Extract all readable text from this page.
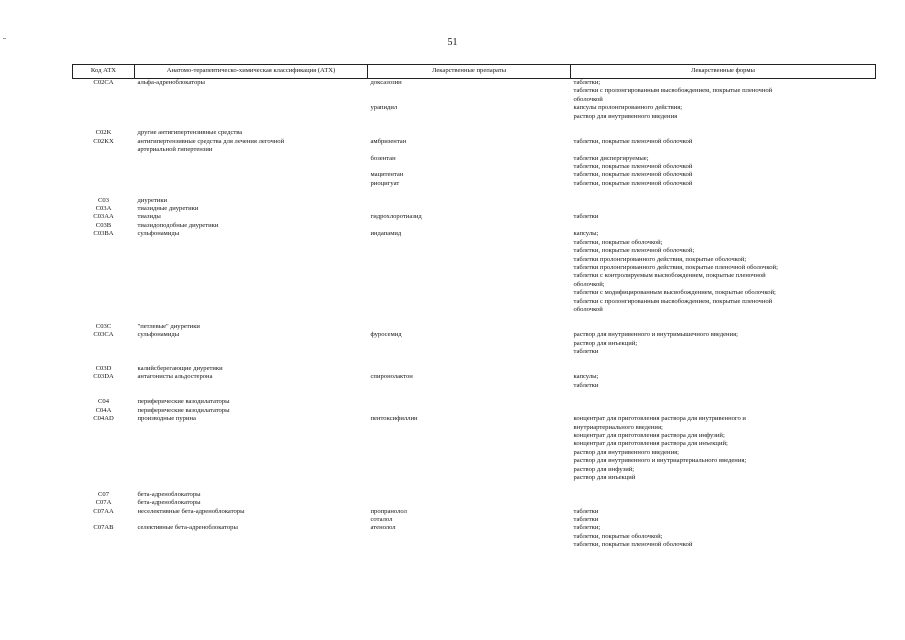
51
Код АТХ	Анатомо-терапевтическо-химическая классификация (АТХ)	Лекарственные препараты	Лекарственные формы
C02CA	альфа-адреноблокаторы	доксазозин	таблетки;
			таблетки с пролонгированным высвобождением, покрытые пленочной
			оболочкой
		урапидил	капсулы пролонгированного действия;
			раствор для внутривенного введения

C02K	другие антигипертензивные средства		
C02KX	антигипертензивные средства для лечения легочной	амбризентан	таблетки, покрытые пленочной оболочкой
	артериальной гипертензии		
		бозентан	таблетки диспергируемые;
			таблетки, покрытые пленочной оболочкой
		мацитентан	таблетки, покрытые пленочной оболочкой
		риоцигуат	таблетки, покрытые пленочной оболочкой

C03	диуретики		
C03A	тиазидные диуретики		
C03AA	тиазиды	гидрохлоротиазид	таблетки
C03B	тиазидоподобные диуретики		
C03BA	сульфонамиды	индапамид	капсулы;
			таблетки, покрытые оболочкой;
			таблетки, покрытые пленочной оболочкой;
			таблетки пролонгированного действия, покрытые оболочкой;
			таблетки пролонгированного действия, покрытые пленочной оболочкой;
			таблетки с контролируемым высвобождением, покрытые пленочной
			оболочкой;
			таблетки с модифицированным высвобождением, покрытые оболочкой;
			таблетки с пролонгированным высвобождением, покрытые пленочной
			оболочкой

C03C	"петлевые" диуретики		
C03CA	сульфонамиды	фуросемид	раствор для внутривенного и внутримышечного введения;
			раствор для инъекций;
			таблетки

C03D	калийсберегающие диуретики		
C03DA	антагонисты альдостерона	спиронолактон	капсулы;
			таблетки

C04	периферические вазодилататоры		
C04A	периферические вазодилататоры		
C04AD	производные пурина	пентоксифиллин	концентрат для приготовления раствора для внутривенного и
			внутриартериального введения;
			концентрат для приготовления раствора для инфузий;
			концентрат для приготовления раствора для инъекций;
			раствор для внутривенного введения;
			раствор для внутривенного и внутриартериального введения;
			раствор для инфузий;
			раствор для инъекций

C07	бета-адреноблокаторы		
C07A	бета-адреноблокаторы		
C07AA	неселективные бета-адреноблокаторы	пропранолол	таблетки
		соталол	таблетки
C07AB	селективные бета-адреноблокаторы	атенолол	таблетки;
			таблетки, покрытые оболочкой;
			таблетки, покрытые пленочной оболочкой
